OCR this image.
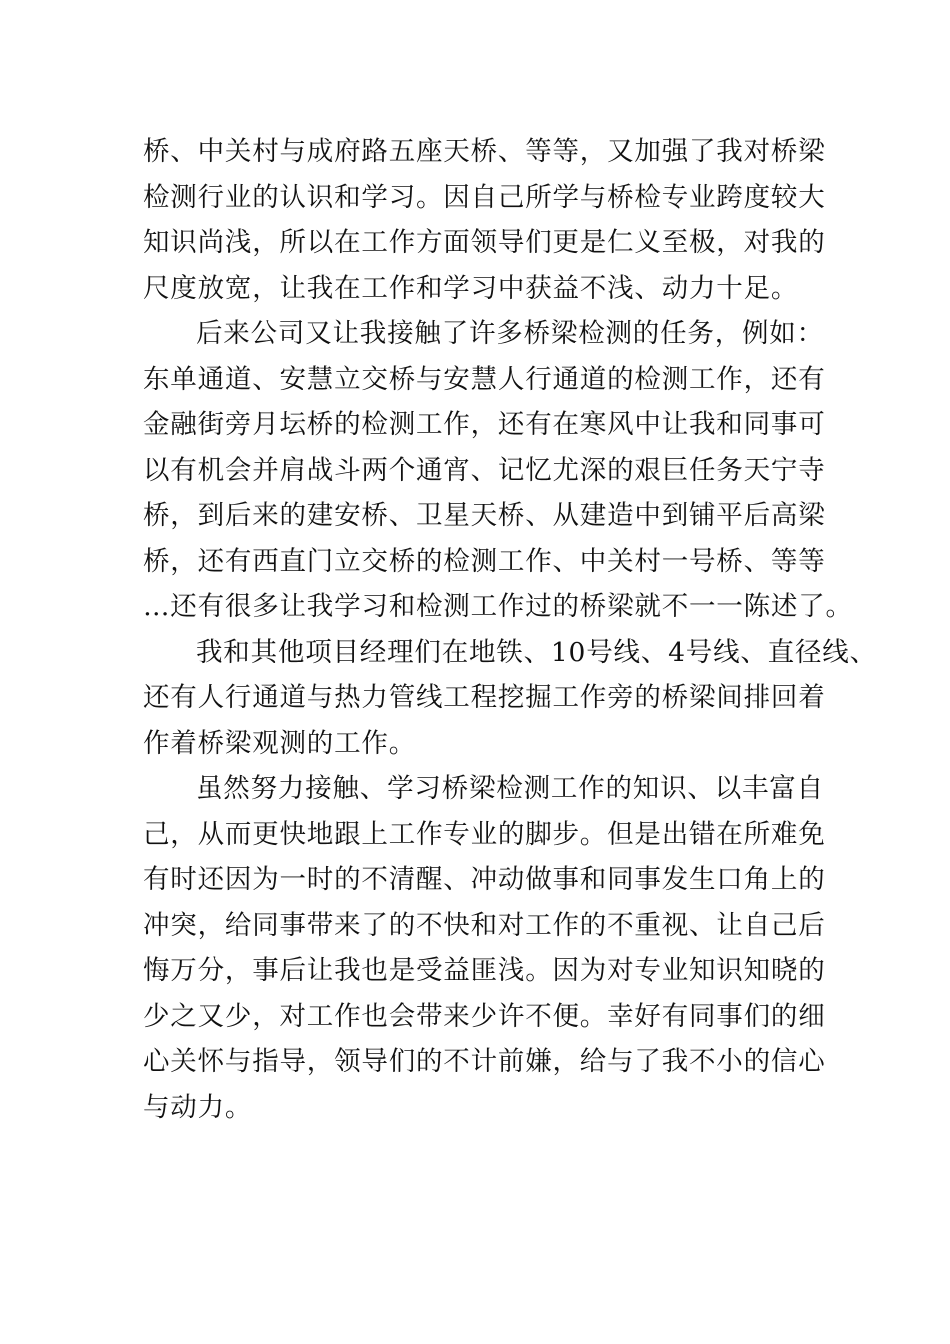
桥、中关村与成府路五座天桥、等等，又加强了我对桥梁
检测行业的认识和学习。因自己所学与桥检专业跨度较大
知识尚浅，所以在工作方面领导们更是仁义至极，对我的
尺度放宽，让我在工作和学习中获益不浅、动力十足。
后来公司又让我接触了许多桥梁检测的任务，例如：
东单通道、安慧立交桥与安慧人行通道的检测工作，还有
金融街旁月坛桥的检测工作，还有在寒风中让我和同事可
以有机会并肩战斗两个通宵、记忆尤深的艰巨任务天宁寺
桥，到后来的建安桥、卫星天桥、从建造中到铺平后高梁
桥，还有西直门立交桥的检测工作、中关村一号桥、等等
…还有很多让我学习和检测工作过的桥梁就不一一陈述了。
我和其他项目经理们在地铁、10号线、4号线、直径线、
还有人行通道与热力管线工程挖掘工作旁的桥梁间排回着
作着桥梁观测的工作。
虽然努力接触、学习桥梁检测工作的知识、以丰富自
己，从而更快地跟上工作专业的脚步。但是出错在所难免
有时还因为一时的不清醒、冲动做事和同事发生口角上的
冲突，给同事带来了的不快和对工作的不重视、让自己后
悔万分，事后让我也是受益匪浅。因为对专业知识知晓的
少之又少，对工作也会带来少许不便。幸好有同事们的细
心关怀与指导，领导们的不计前嫌，给与了我不小的信心
与动力。
